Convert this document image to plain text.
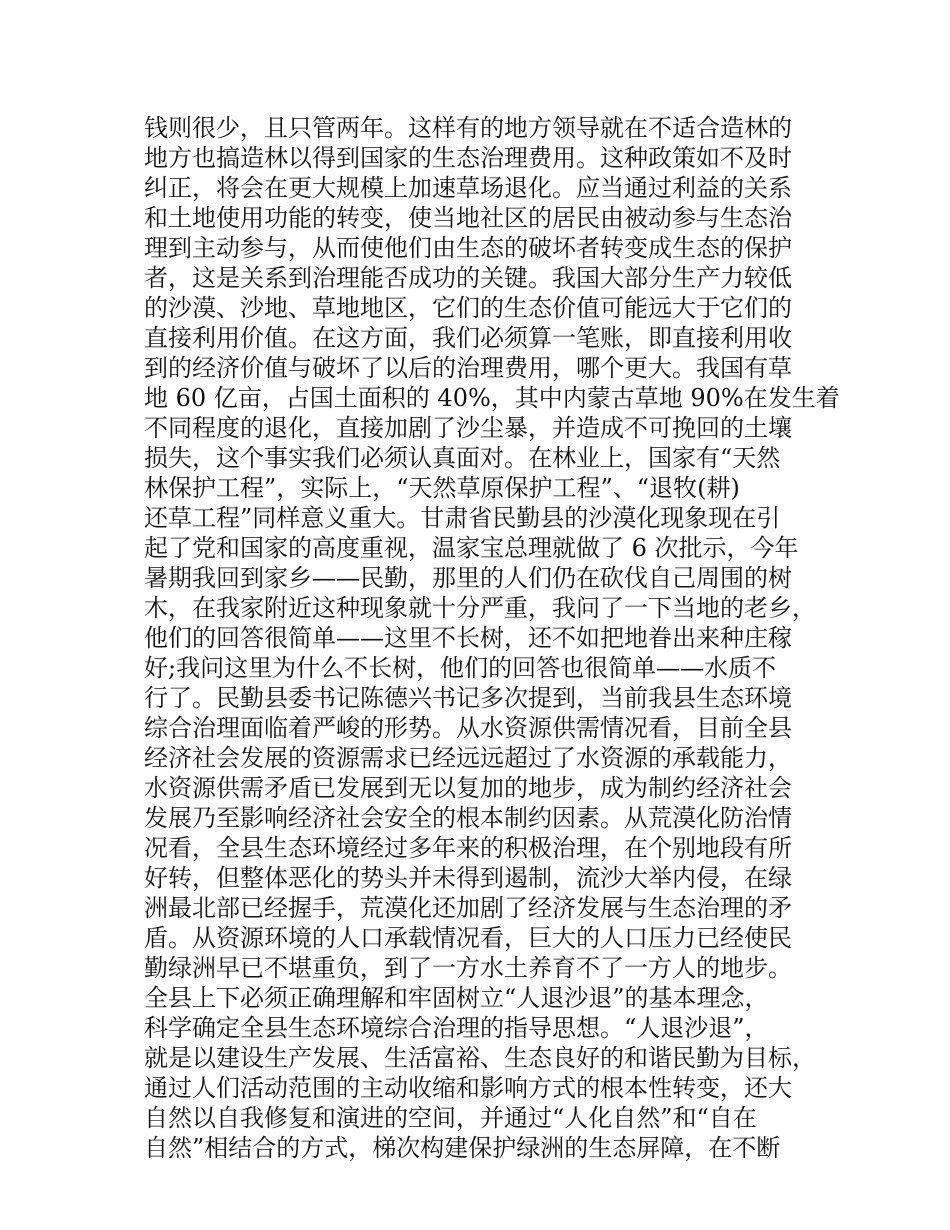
钱则很少，且只管两年。这样有的地方领导就在不适合造林的
地方也搞造林以得到国家的生态治理费用。这种政策如不及时
纠正，将会在更大规模上加速草场退化。应当通过利益的关系
和土地使用功能的转变，使当地社区的居民由被动参与生态治
理到主动参与，从而使他们由生态的破坏者转变成生态的保护
者，这是关系到治理能否成功的关键。我国大部分生产力较低
的沙漠、沙地、草地地区，它们的生态价值可能远大于它们的
直接利用价值。在这方面，我们必须算一笔账，即直接利用收
到的经济价值与破坏了以后的治理费用，哪个更大。我国有草
地 60 亿亩，占国土面积的 40%，其中内蒙古草地 90%在发生着
不同程度的退化，直接加剧了沙尘暴，并造成不可挽回的土壤
损失，这个事实我们必须认真面对。在林业上，国家有“天然
林保护工程”，实际上，“天然草原保护工程”、“退牧(耕)
还草工程”同样意义重大。甘肃省民勤县的沙漠化现象现在引
起了党和国家的高度重视，温家宝总理就做了 6 次批示，今年
暑期我回到家乡——民勤，那里的人们仍在砍伐自己周围的树
木，在我家附近这种现象就十分严重，我问了一下当地的老乡，
他们的回答很简单——这里不长树，还不如把地眷出来种庄稼
好;我问这里为什么不长树，他们的回答也很简单——水质不
行了。民勤县委书记陈德兴书记多次提到，当前我县生态环境
综合治理面临着严峻的形势。从水资源供需情况看，目前全县
经济社会发展的资源需求已经远远超过了水资源的承载能力，
水资源供需矛盾已发展到无以复加的地步，成为制约经济社会
发展乃至影响经济社会安全的根本制约因素。从荒漠化防治情
况看，全县生态环境经过多年来的积极治理，在个别地段有所
好转，但整体恶化的势头并未得到遏制，流沙大举内侵，在绿
洲最北部已经握手，荒漠化还加剧了经济发展与生态治理的矛
盾。从资源环境的人口承载情况看，巨大的人口压力已经使民
勤绿洲早已不堪重负，到了一方水土养育不了一方人的地步。
全县上下必须正确理解和牢固树立“人退沙退”的基本理念，
科学确定全县生态环境综合治理的指导思想。“人退沙退”，
就是以建设生产发展、生活富裕、生态良好的和谐民勤为目标，
通过人们活动范围的主动收缩和影响方式的根本性转变，还大
自然以自我修复和演进的空间，并通过“人化自然”和“自在
自然”相结合的方式，梯次构建保护绿洲的生态屏障，在不断
